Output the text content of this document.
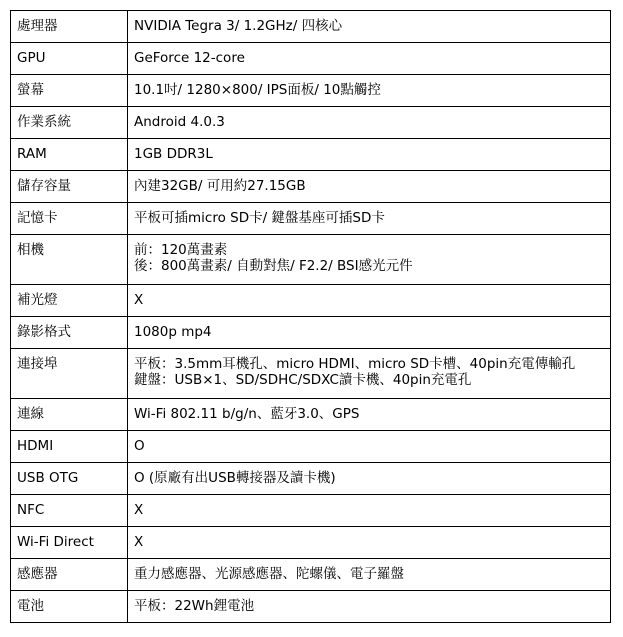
處理器	NVIDIA Tegra 3/ 1.2GHz/ 四核心

GPU	GeForce 12-core

螢幕	10.1吋/ 1280×800/ IPS面板/ 10點觸控

作業系統	Android 4.0.3

RAM	1GB DDR3L

儲存容量	內建32GB/ 可用約27.15GB

記憶卡	平板可插micro SD卡/ 鍵盤基座可插SD卡

相機	前：120萬畫素
後：800萬畫素/ 自動對焦/ F2.2/ BSI感光元件

補光燈	X

錄影格式	1080p mp4

連接埠	平板：3.5mm耳機孔、micro HDMI、micro SD卡槽、40pin充電傳輸孔
鍵盤：USB×1、SD/SDHC/SDXC讀卡機、40pin充電孔

連線	Wi-Fi 802.11 b/g/n、藍牙3.0、GPS

HDMI	O

USB OTG	O (原廠有出USB轉接器及讀卡機)

NFC	X

Wi-Fi Direct	X

感應器	重力感應器、光源感應器、陀螺儀、電子羅盤

電池	平板：22Wh鋰電池
